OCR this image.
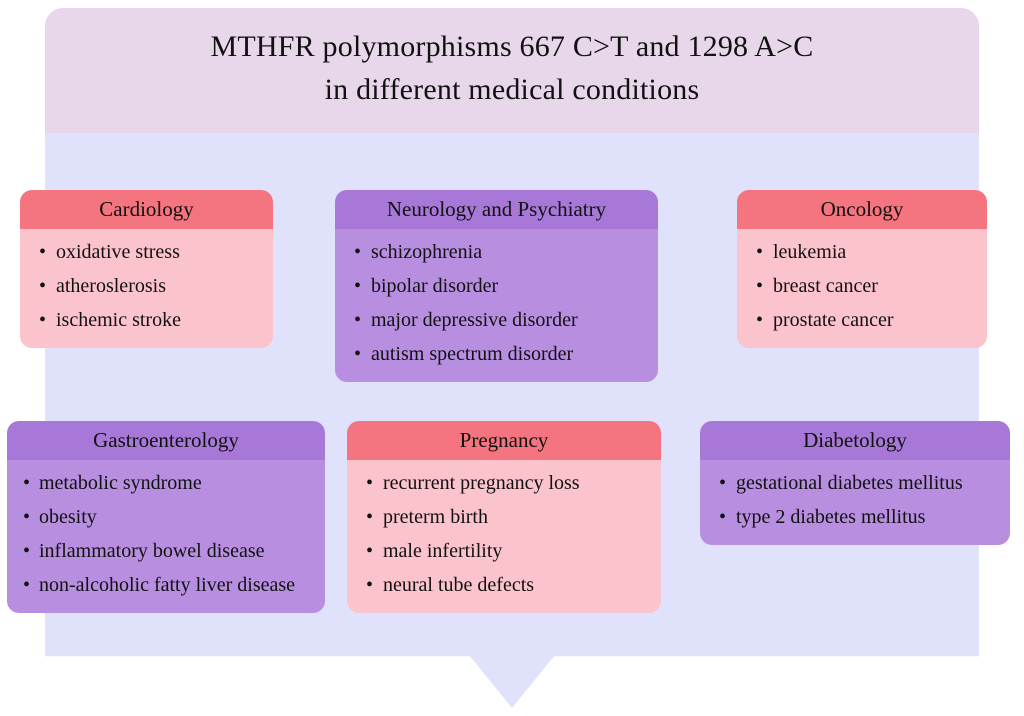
MTHFR polymorphisms 667 C>T and 1298 A>C
in different medical conditions
Cardiology
• oxidative stress
• atheroslerosis
• ischemic stroke
Neurology and Psychiatry
• schizophrenia
• bipolar disorder
• major depressive disorder
• autism spectrum disorder
Oncology
• leukemia
• breast cancer
• prostate cancer
Gastroenterology
• metabolic syndrome
• obesity
• inflammatory bowel disease
• non-alcoholic fatty liver disease
Pregnancy
• recurrent pregnancy loss
• preterm birth
• male infertility
• neural tube defects
Diabetology
• gestational diabetes mellitus
• type 2 diabetes mellitus
